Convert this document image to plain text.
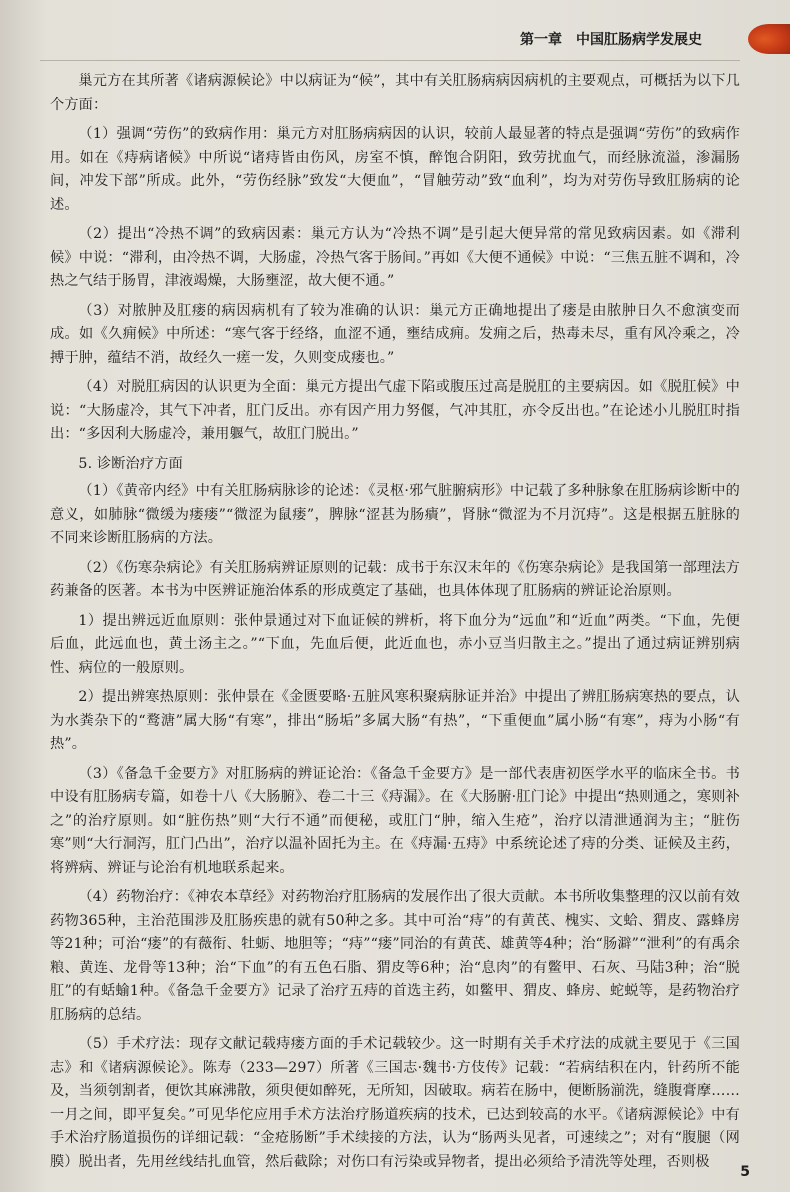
第一章 中国肛肠病学发展史

巢元方在其所著《诸病源候论》中以病证为“候”，其中有关肛肠病病因病机的主要观点，可概括为以下几个方面：

（1）强调“劳伤”的致病作用：巢元方对肛肠病病因的认识，较前人最显著的特点是强调“劳伤”的致病作用。如在《痔病诸候》中所说“诸痔皆由伤风，房室不慎，醉饱合阴阳，致劳扰血气，而经脉流溢，渗漏肠间，冲发下部”所成。此外，“劳伤经脉”致发“大便血”，“冒触劳动”致“血利”，均为对劳伤导致肛肠病的论述。

（2）提出“冷热不调”的致病因素：巢元方认为“冷热不调”是引起大便异常的常见致病因素。如《滞利候》中说：“滞利，由冷热不调，大肠虚，冷热气客于肠间。”再如《大便不通候》中说：“三焦五脏不调和，冷热之气结于肠胃，津液竭燥，大肠壅涩，故大便不通。”

（3）对脓肿及肛瘘的病因病机有了较为准确的认识：巢元方正确地提出了瘘是由脓肿日久不愈演变而成。如《久痈候》中所述：“寒气客于经络，血涩不通，壅结成痈。发痈之后，热毒未尽，重有风冷乘之，冷搏于肿，蕴结不消，故经久一瘥一发，久则变成瘘也。”

（4）对脱肛病因的认识更为全面：巢元方提出气虚下陷或腹压过高是脱肛的主要病因。如《脱肛候》中说：“大肠虚冷，其气下冲者，肛门反出。亦有因产用力努偃，气冲其肛，亦令反出也。”在论述小儿脱肛时指出：“多因利大肠虚冷，兼用躽气，故肛门脱出。”

5. 诊断治疗方面

（1）《黄帝内经》中有关肛肠病脉诊的论述：《灵枢·邪气脏腑病形》中记载了多种脉象在肛肠病诊断中的意义，如肺脉“微缓为瘘瘘”“微涩为鼠瘘”，脾脉“涩甚为肠㿉”，肾脉“微涩为不月沉痔”。这是根据五脏脉的不同来诊断肛肠病的方法。

（2）《伤寒杂病论》有关肛肠病辨证原则的记载：成书于东汉末年的《伤寒杂病论》是我国第一部理法方药兼备的医著。本书为中医辨证施治体系的形成奠定了基础，也具体体现了肛肠病的辨证论治原则。

1）提出辨远近血原则：张仲景通过对下血证候的辨析，将下血分为“远血”和“近血”两类。“下血，先便后血，此远血也，黄土汤主之。”“下血，先血后便，此近血也，赤小豆当归散主之。”提出了通过病证辨别病性、病位的一般原则。

2）提出辨寒热原则：张仲景在《金匮要略·五脏风寒积聚病脉证并治》中提出了辨肛肠病寒热的要点，认为水粪杂下的“鹜溏”属大肠“有寒”，排出“肠垢”多属大肠“有热”，“下重便血”属小肠“有寒”，痔为小肠“有热”。

（3）《备急千金要方》对肛肠病的辨证论治：《备急千金要方》是一部代表唐初医学水平的临床全书。书中设有肛肠病专篇，如卷十八《大肠腑》、卷二十三《痔漏》。在《大肠腑·肛门论》中提出“热则通之，寒则补之”的治疗原则。如“脏伤热”则“大行不通”而便秘，或肛门“肿，缩入生疮”，治疗以清泄通润为主；“脏伤寒”则“大行洞泻，肛门凸出”，治疗以温补固托为主。在《痔漏·五痔》中系统论述了痔的分类、证候及主药，将辨病、辨证与论治有机地联系起来。

（4）药物治疗：《神农本草经》对药物治疗肛肠病的发展作出了很大贡献。本书所收集整理的汉以前有效药物365种，主治范围涉及肛肠疾患的就有50种之多。其中可治“痔”的有黄芪、槐实、文蛤、猬皮、露蜂房等21种；可治“瘘”的有薇衔、牡蛎、地胆等；“痔”“瘘”同治的有黄芪、雄黄等4种；治“肠澼”“泄利”的有禹余粮、黄连、龙骨等13种；治“下血”的有五色石脂、猬皮等6种；治“息肉”的有鳖甲、石灰、马陆3种；治“脱肛”的有蛞蝓1种。《备急千金要方》记录了治疗五痔的首选主药，如鳖甲、猬皮、蜂房、蛇蜕等，是药物治疗肛肠病的总结。

（5）手术疗法：现存文献记载痔瘘方面的手术记载较少。这一时期有关手术疗法的成就主要见于《三国志》和《诸病源候论》。陈寿（233—297）所著《三国志·魏书·方伎传》记载：“若病结积在内，针药所不能及，当须刳割者，便饮其麻沸散，须臾便如醉死，无所知，因破取。病若在肠中，便断肠湔洗，缝腹膏摩……一月之间，即平复矣。”可见华佗应用手术方法治疗肠道疾病的技术，已达到较高的水平。《诸病源候论》中有手术治疗肠道损伤的详细记载：“金疮肠断”手术续接的方法，认为“肠两头见者，可速续之”；对有“腹腿（网膜）脱出者，先用丝线结扎血管，然后截除；对伤口有污染或异物者，提出必须给予清洗等处理，否则极

5
